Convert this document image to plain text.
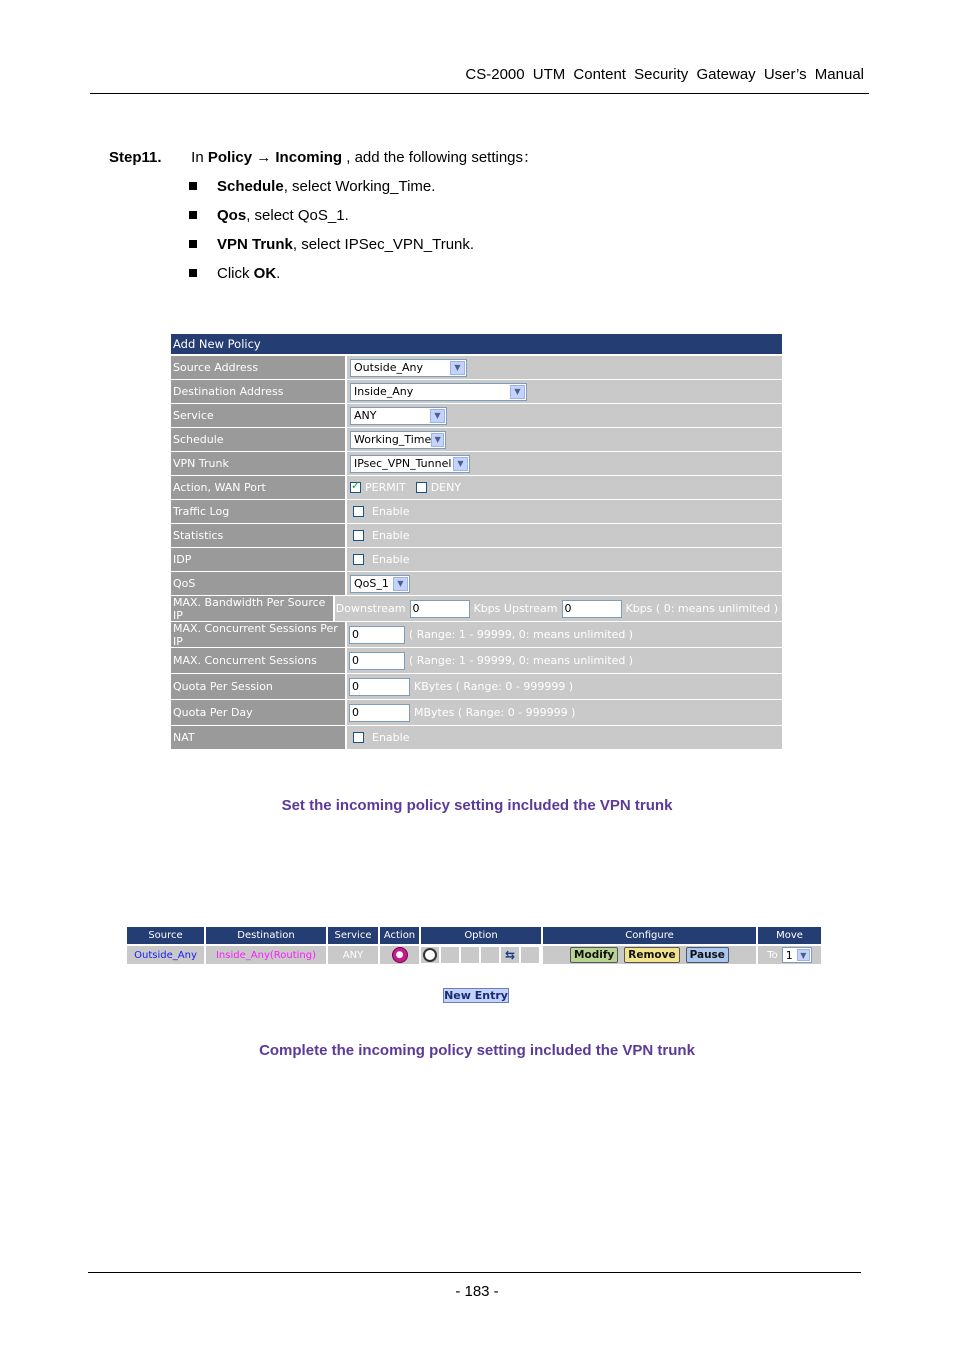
CS-2000 UTM Content Security Gateway User’s Manual
Step11. In Policy → Incoming , add the following settings：
Schedule, select Working_Time.
Qos, select QoS_1.
VPN Trunk, select IPSec_VPN_Trunk.
Click OK.
Add New Policy
Source Address	Outside_Any	▼
Destination Address	Inside_Any	▼
Service	ANY	▼
Schedule	Working_Time ▼
VPN Trunk	IPsec_VPN_Tunnel ▼
Action, WAN Port
✓	PERMIT DENY
Traffic Log	Enable
Statistics	Enable
IDP	Enable
QoS	QoS_1	▼
MAX. Bandwidth Per Source IP	Downstream 0	Kbps Upstream 0	Kbps ( 0: means unlimited )
MAX. Concurrent Sessions Per IP
0	( Range: 1 - 99999, 0: means unlimited )
MAX. Concurrent Sessions	0	( Range: 1 - 99999, 0: means unlimited )
Quota Per Session	0	KBytes ( Range: 0 - 999999 )
Quota Per Day	0	MBytes ( Range: 0 - 999999 )
NAT	Enable
Set the incoming policy setting included the VPN trunk
Source	Destination	Service	Action	Option	Configure	Move
Outside_Any Inside_Any(Routing)	ANY	●	⇆	Modify	Remove	Pause	To 1 ▼
New Entry
Complete the incoming policy setting included the VPN trunk
- 183 -
